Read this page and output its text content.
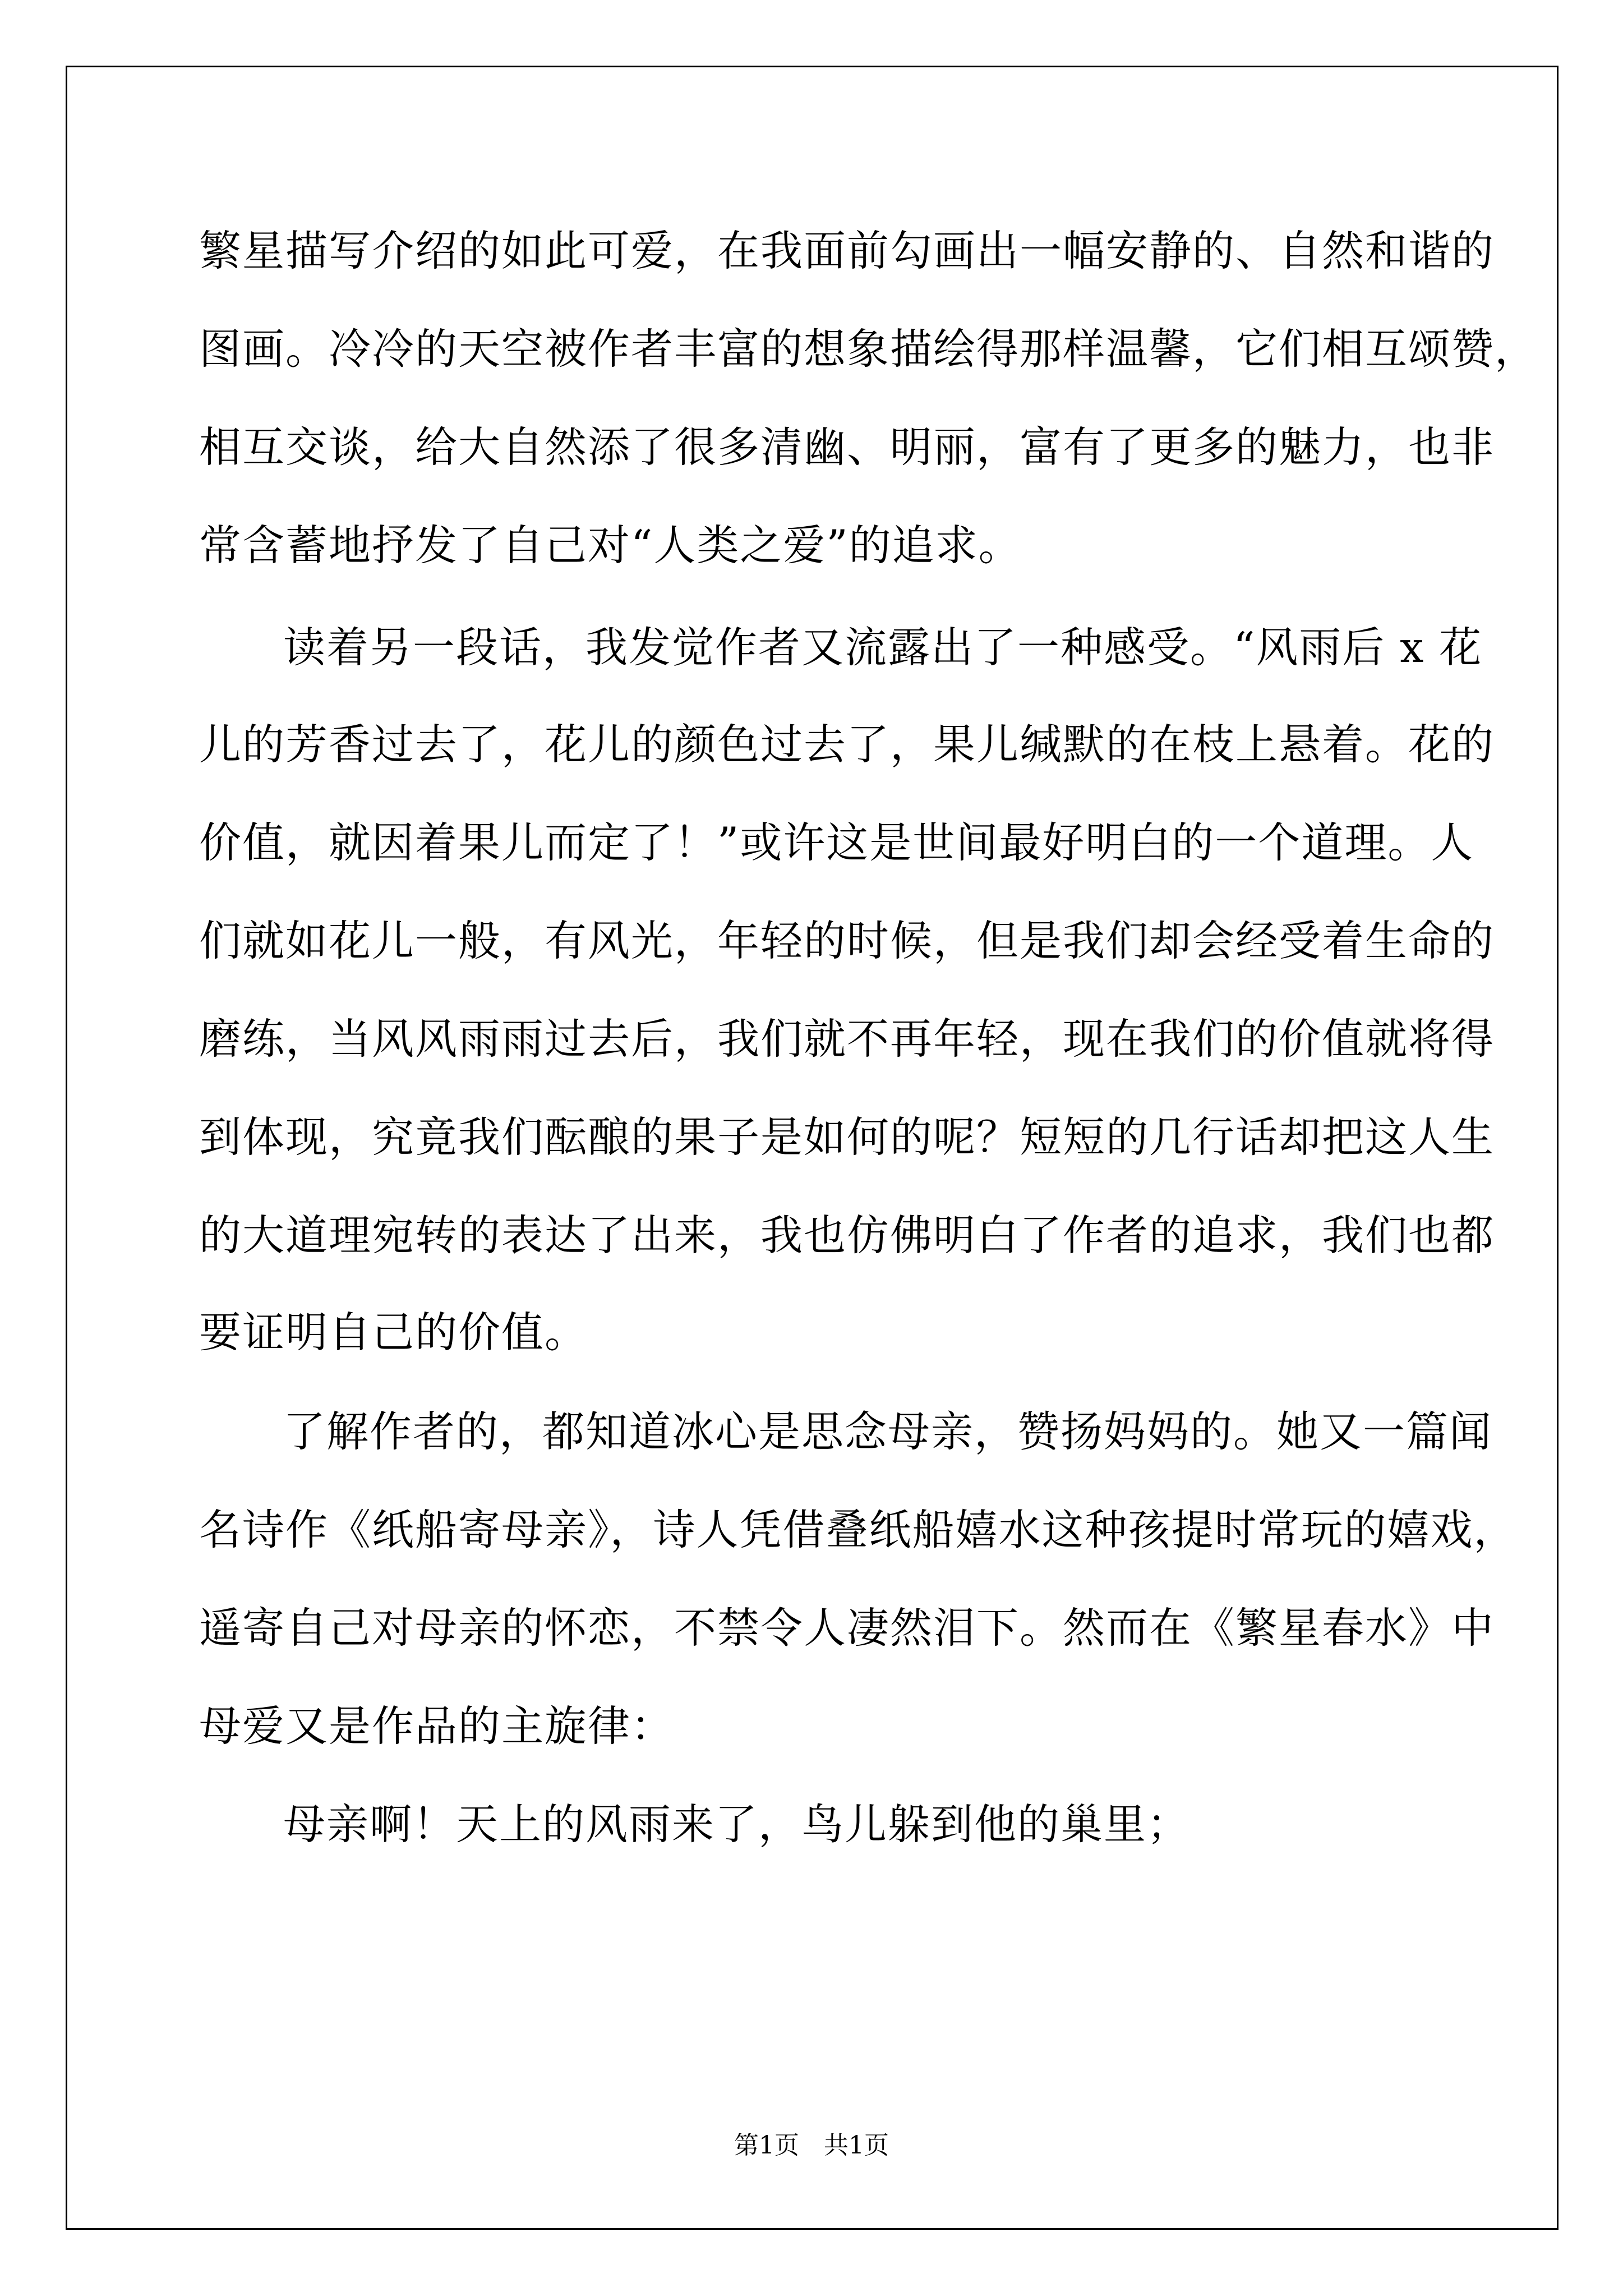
繁星描写介绍的如此可爱，在我面前勾画出一幅安静的、自然和谐的
图画。冷冷的天空被作者丰富的想象描绘得那样温馨，它们相互颂赞，
相互交谈，给大自然添了很多清幽、明丽，富有了更多的魅力，也非
常含蓄地抒发了自己对“人类之爱”的追求。
读着另一段话，我发觉作者又流露出了一种感受。“风雨后 x 花
儿的芳香过去了，花儿的颜色过去了，果儿缄默的在枝上悬着。花的
价值，就因着果儿而定了！”或许这是世间最好明白的一个道理。人
们就如花儿一般，有风光，年轻的时候，但是我们却会经受着生命的
磨练，当风风雨雨过去后，我们就不再年轻，现在我们的价值就将得
到体现，究竟我们酝酿的果子是如何的呢？短短的几行话却把这人生
的大道理宛转的表达了出来，我也仿佛明白了作者的追求，我们也都
要证明自己的价值。
了解作者的，都知道冰心是思念母亲，赞扬妈妈的。她又一篇闻
名诗作《纸船寄母亲》，诗人凭借叠纸船嬉水这种孩提时常玩的嬉戏，
遥寄自己对母亲的怀恋，不禁令人凄然泪下。然而在《繁星春水》中
母爱又是作品的主旋律：
母亲啊！天上的风雨来了，鸟儿躲到他的巢里；
第1页　共1页
